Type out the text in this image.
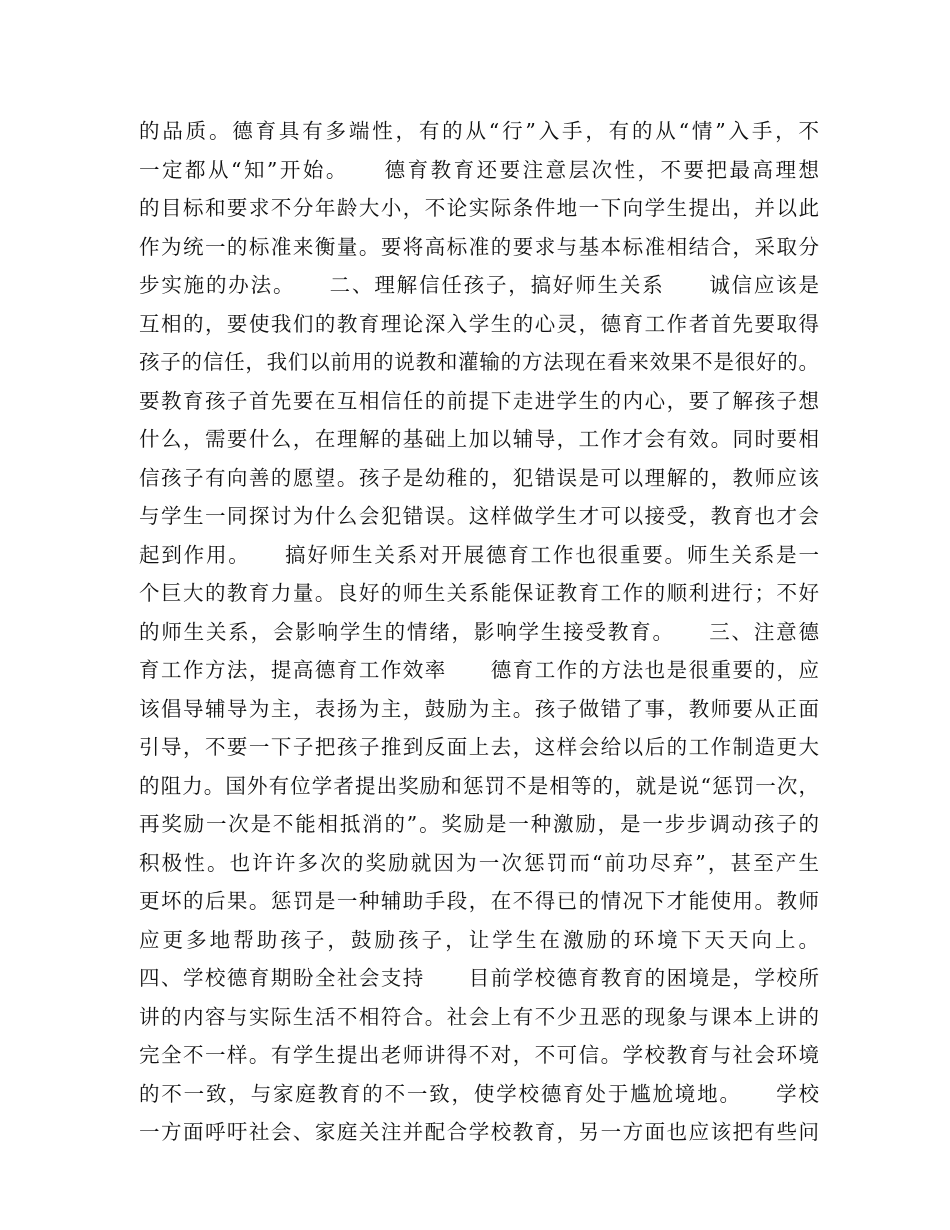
的品质。德育具有多端性，有的从“行”入手，有的从“情”入手，不
一定都从“知”开始。　　德育教育还要注意层次性，不要把最高理想
的目标和要求不分年龄大小，不论实际条件地一下向学生提出，并以此
作为统一的标准来衡量。要将高标准的要求与基本标准相结合，采取分
步实施的办法。　　二、理解信任孩子，搞好师生关系　　诚信应该是
互相的，要使我们的教育理论深入学生的心灵，德育工作者首先要取得
孩子的信任，我们以前用的说教和灌输的方法现在看来效果不是很好的。
要教育孩子首先要在互相信任的前提下走进学生的内心，要了解孩子想
什么，需要什么，在理解的基础上加以辅导，工作才会有效。同时要相
信孩子有向善的愿望。孩子是幼稚的，犯错误是可以理解的，教师应该
与学生一同探讨为什么会犯错误。这样做学生才可以接受，教育也才会
起到作用。　　搞好师生关系对开展德育工作也很重要。师生关系是一
个巨大的教育力量。良好的师生关系能保证教育工作的顺利进行；不好
的师生关系，会影响学生的情绪，影响学生接受教育。　　三、注意德
育工作方法，提高德育工作效率　　德育工作的方法也是很重要的，应
该倡导辅导为主，表扬为主，鼓励为主。孩子做错了事，教师要从正面
引导，不要一下子把孩子推到反面上去，这样会给以后的工作制造更大
的阻力。国外有位学者提出奖励和惩罚不是相等的，就是说“惩罚一次，
再奖励一次是不能相抵消的”。奖励是一种激励，是一步步调动孩子的
积极性。也许许多次的奖励就因为一次惩罚而“前功尽弃”，甚至产生
更坏的后果。惩罚是一种辅助手段，在不得已的情况下才能使用。教师
应更多地帮助孩子，鼓励孩子，让学生在激励的环境下天天向上。
四、学校德育期盼全社会支持　　目前学校德育教育的困境是，学校所
讲的内容与实际生活不相符合。社会上有不少丑恶的现象与课本上讲的
完全不一样。有学生提出老师讲得不对，不可信。学校教育与社会环境
的不一致，与家庭教育的不一致，使学校德育处于尴尬境地。　　学校
一方面呼吁社会、家庭关注并配合学校教育，另一方面也应该把有些问
